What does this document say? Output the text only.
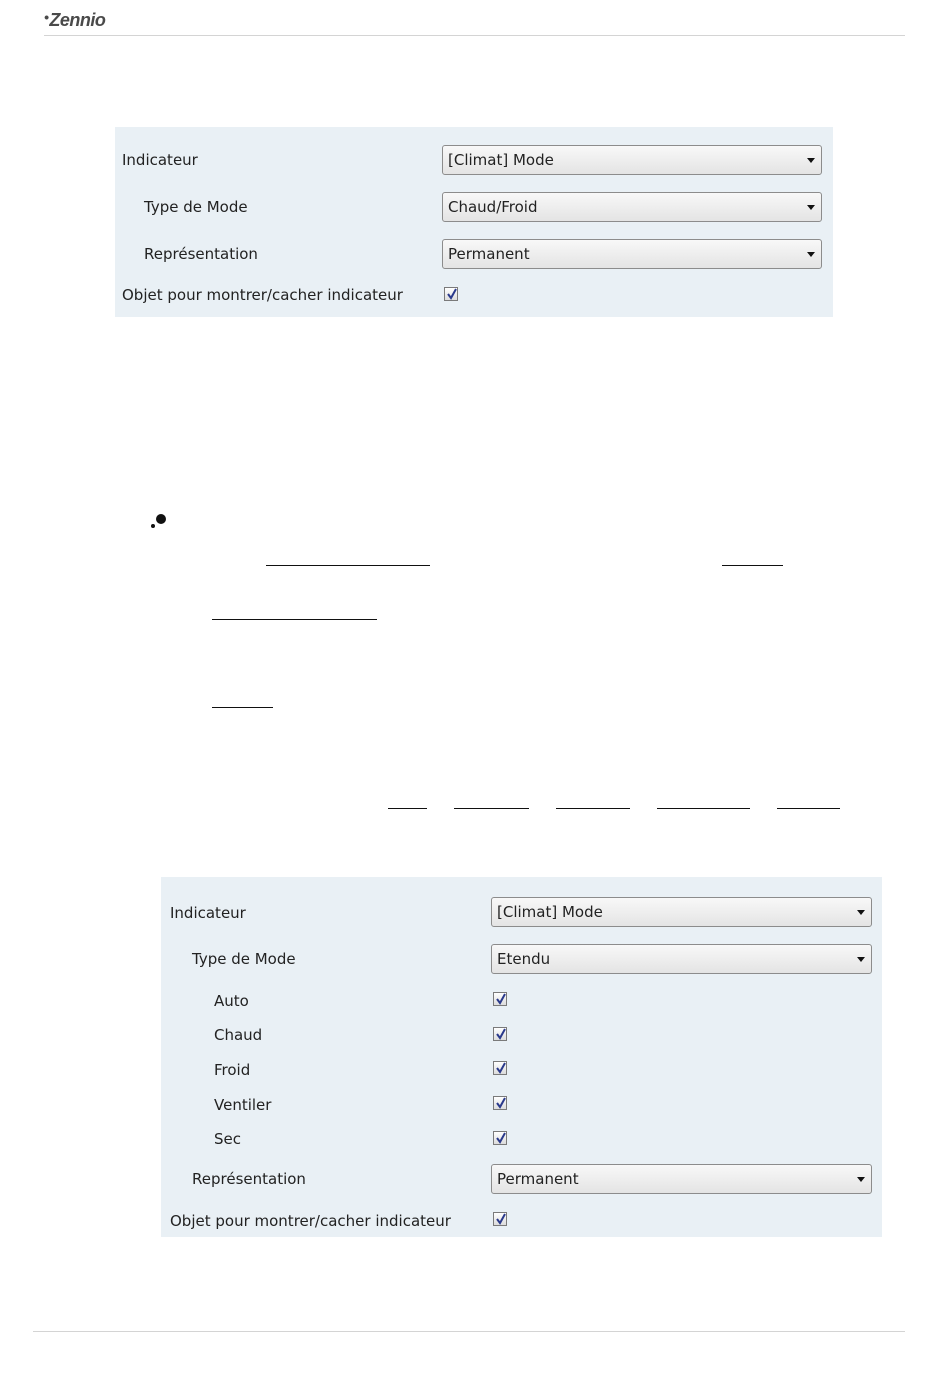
•Zennio
Indicateur	[Climat] Mode
Type de Mode	Chaud/Froid
Représentation	Permanent
Objet pour montrer/cacher indicateur
Indicateur	[Climat] Mode
Type de Mode	Etendu
Auto
Chaud
Froid
Ventiler
Sec
Représentation	Permanent
Objet pour montrer/cacher indicateur
